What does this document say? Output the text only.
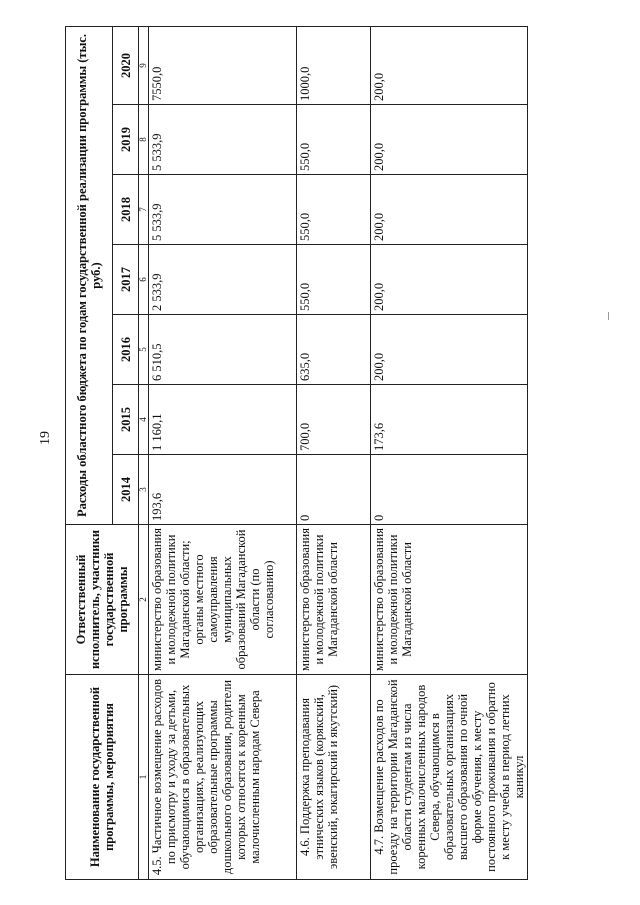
19
Наименование государственной программы, мероприятия	Ответственный исполнитель, участники государственной программы	Расходы областного бюджета по годам государственной реализации программы (тыс. руб.)						
		2014	2015	2016	2017	2018	2019	2020
1	2	3	4	5	6	7	8	9
4.5. Частичное возмещение расходов по присмотру и уходу за детьми, обучающимися в образовательных организациях, реализующих образовательные программы дошкольного образования, родители которых относятся к коренным малочисленным народам Севера	министерство образования и молодежной политики Магаданской области; органы местного самоуправления муниципальных образований Магаданской области (по согласованию)	193,6	1 160,1	6 510,5	2 533,9	5 533,9	5 533,9	7550,0
4.6. Поддержка преподавания этнических языков (корякский, эвенский, юкагирский и якутский)	министерство образования и молодежной политики Магаданской области	0	700,0	635,0	550,0	550,0	550,0	1000,0
4.7. Возмещение расходов по проезду на территории Магаданской области студентам из числа коренных малочисленных народов Севера, обучающимся в образовательных организациях высшего образования по очной форме обучения, к месту постоянного проживания и обратно к месту учебы в период летних каникул	министерство образования и молодежной политики Магаданской области	0	173,6	200,0	200,0	200,0	200,0	200,0
